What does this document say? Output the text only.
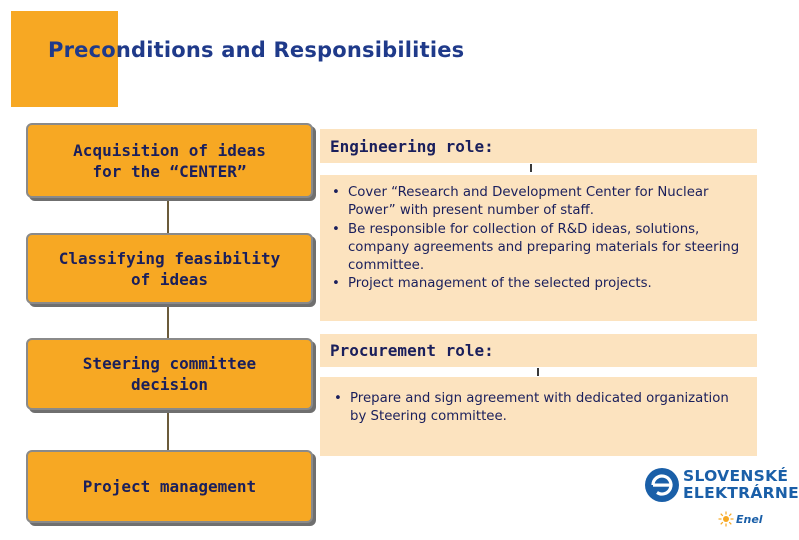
Preconditions and Responsibilities
Acquisition of ideas
for the “CENTER”
Classifying feasibility
of ideas
Steering committee
decision
Project management
Engineering role:
• Cover “Research and Development Center for Nuclear Power” with present number of staff.
• Be responsible for collection of R&D ideas, solutions, company agreements and preparing materials for steering committee.
• Project management of the selected projects.
Procurement role:
• Prepare and sign agreement with dedicated organization by Steering committee.
SLOVENSKÉ
ELEKTRÁRNE
Enel
